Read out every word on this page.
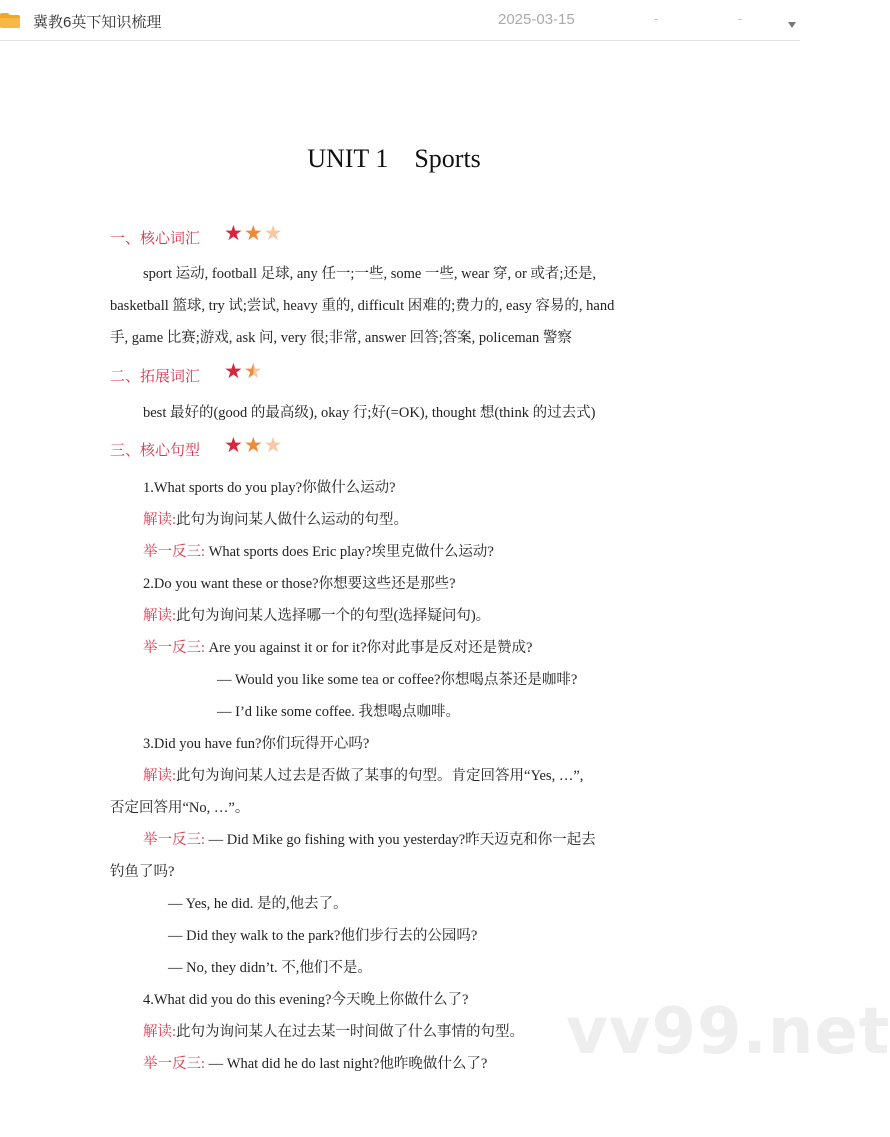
冀教6英下知识梳理	2025-03-15	-	-
UNIT 1    Sports
一、核心词汇 ★★★
sport 运动, football 足球, any 任一;一些, some 一些, wear 穿, or 或者;还是,
basketball 篮球, try 试;尝试, heavy 重的, difficult 困难的;费力的, easy 容易的, hand
手, game 比赛;游戏, ask 问, very 很;非常, answer 回答;答案, policeman 警察
二、拓展词汇 ★★
best 最好的(good 的最高级), okay 行;好(=OK), thought 想(think 的过去式)
三、核心句型 ★★★
1.What sports do you play?你做什么运动?
解读:此句为询问某人做什么运动的句型。
举一反三: What sports does Eric play?埃里克做什么运动?
2.Do you want these or those?你想要这些还是那些?
解读:此句为询问某人选择哪一个的句型(选择疑问句)。
举一反三: Are you against it or for it?你对此事是反对还是赞成?
— Would you like some tea or coffee?你想喝点茶还是咖啡?
— I’d like some coffee. 我想喝点咖啡。
3.Did you have fun?你们玩得开心吗?
解读:此句为询问某人过去是否做了某事的句型。肯定回答用“Yes, …”,
否定回答用“No, …”。
举一反三: — Did Mike go fishing with you yesterday?昨天迈克和你一起去
钓鱼了吗?
— Yes, he did. 是的,他去了。
— Did they walk to the park?他们步行去的公园吗?
— No, they didn’t. 不,他们不是。
4.What did you do this evening?今天晚上你做什么了?
解读:此句为询问某人在过去某一时间做了什么事情的句型。
举一反三: — What did he do last night?他昨晚做什么了? vv99.net
